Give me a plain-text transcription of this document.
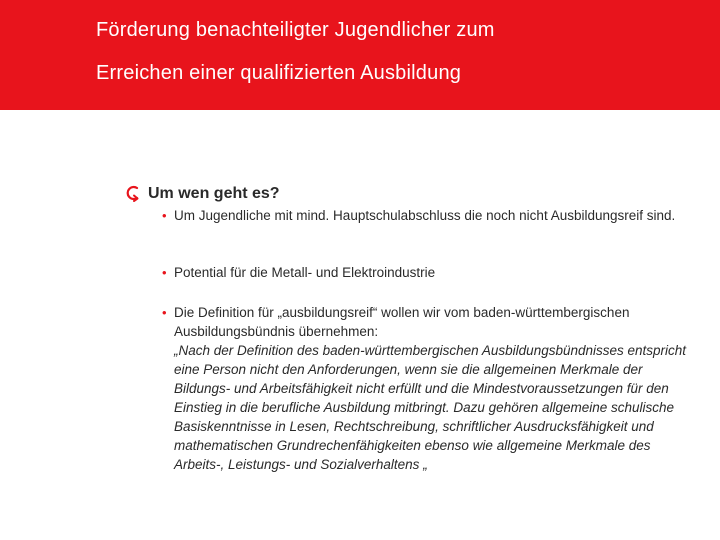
Förderung benachteiligter Jugendlicher zum
Erreichen einer qualifizierten Ausbildung
Um wen geht es?
• Um Jugendliche mit mind. Hauptschulabschluss die noch nicht Ausbildungsreif sind.
• Potential für die Metall- und Elektroindustrie
• Die Definition für „ausbildungsreif“ wollen wir vom baden-württembergischen Ausbildungsbündnis übernehmen:
„Nach der Definition des baden-württembergischen Ausbildungsbündnisses entspricht eine Person nicht den Anforderungen, wenn sie die allgemeinen Merkmale der Bildungs- und Arbeitsfähigkeit nicht erfüllt und die Mindestvoraussetzungen für den Einstieg in die berufliche Ausbildung mitbringt. Dazu gehören allgemeine schulische Basiskenntnisse in Lesen, Rechtschreibung, schriftlicher Ausdrucksfähigkeit und mathematischen Grundrechenfähigkeiten ebenso wie allgemeine Merkmale des Arbeits-, Leistungs- und Sozialverhaltens „
